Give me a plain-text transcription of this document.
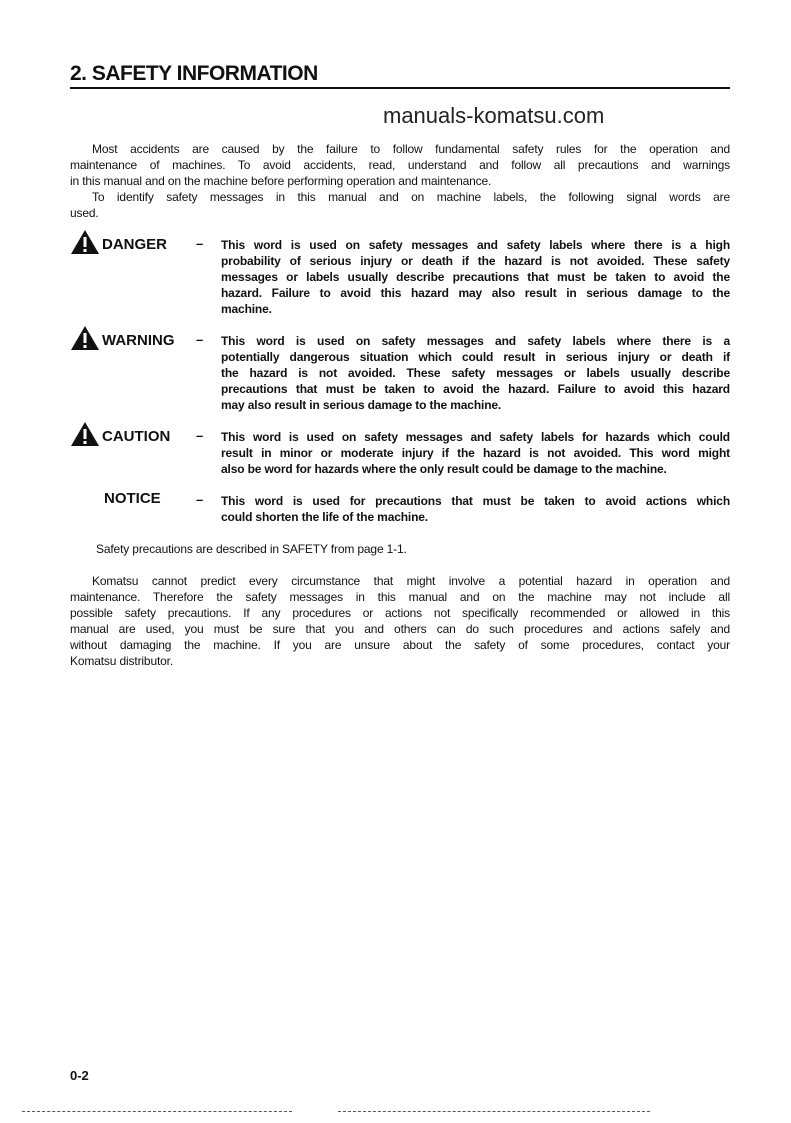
2. SAFETY INFORMATION
manuals-komatsu.com
Most accidents are caused by the failure to follow fundamental safety rules for the operation and
maintenance of machines. To avoid accidents, read, understand and follow all precautions and warnings
in this manual and on the machine before performing operation and maintenance.
To identify safety messages in this manual and on machine labels, the following signal words are
used.
DANGER – This word is used on safety messages and safety labels where there is a high
probability of serious injury or death if the hazard is not avoided. These safety
messages or labels usually describe precautions that must be taken to avoid the
hazard. Failure to avoid this hazard may also result in serious damage to the
machine.
WARNING – This word is used on safety messages and safety labels where there is a
potentially dangerous situation which could result in serious injury or death if
the hazard is not avoided. These safety messages or labels usually describe
precautions that must be taken to avoid the hazard. Failure to avoid this hazard
may also result in serious damage to the machine.
CAUTION – This word is used on safety messages and safety labels for hazards which could
result in minor or moderate injury if the hazard is not avoided. This word might
also be word for hazards where the only result could be damage to the machine.
NOTICE	– This word is used for precautions that must be taken to avoid actions which
could shorten the life of the machine.
Safety precautions are described in SAFETY from page 1-1.
Komatsu cannot predict every circumstance that might involve a potential hazard in operation and
maintenance. Therefore the safety messages in this manual and on the machine may not include all
possible safety precautions. If any procedures or actions not specifically recommended or allowed in this
manual are used, you must be sure that you and others can do such procedures and actions safely and
without damaging the machine. If you are unsure about the safety of some procedures, contact your
Komatsu distributor.
0-2
